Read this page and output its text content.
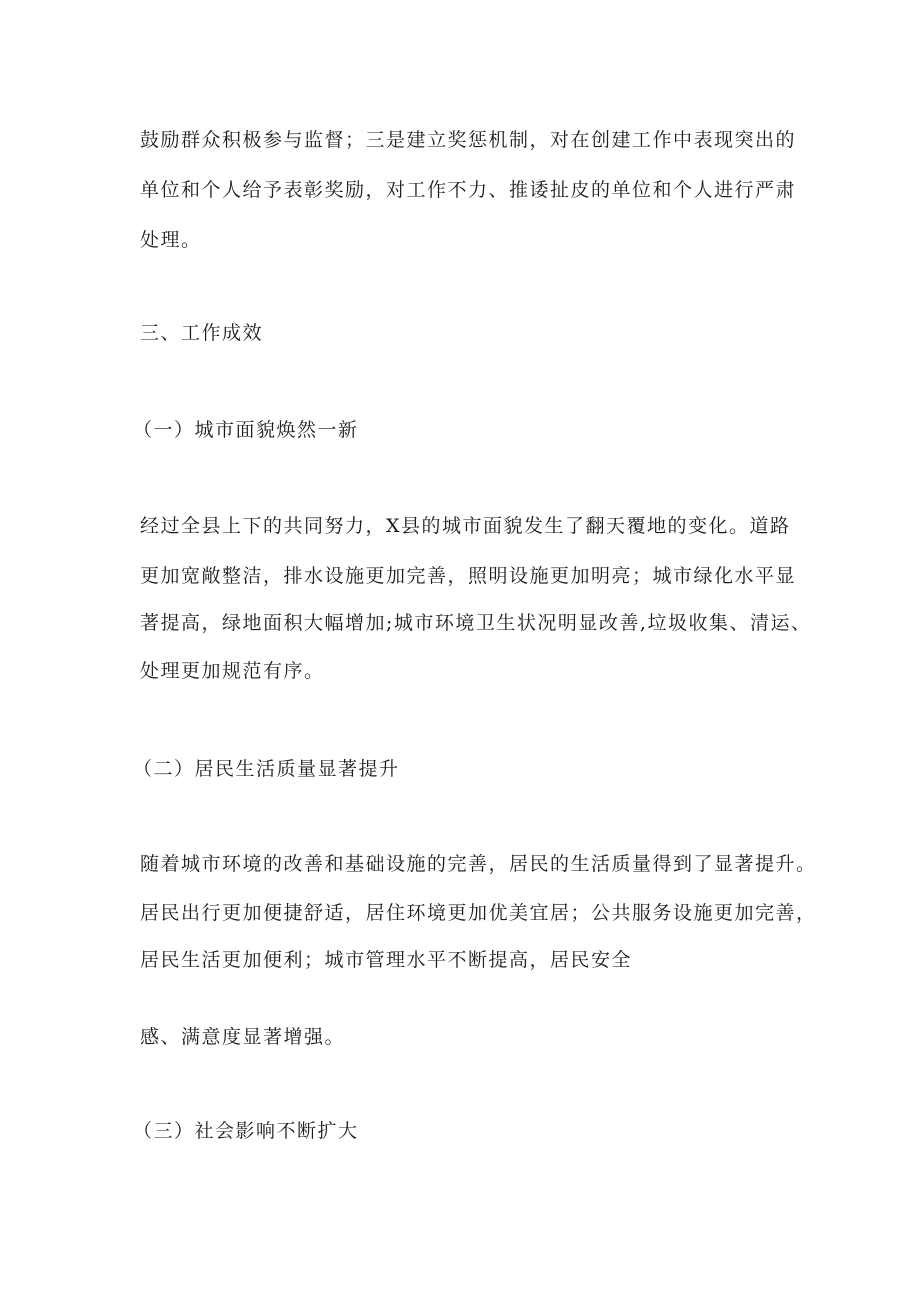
鼓励群众积极参与监督；三是建立奖惩机制，对在创建工作中表现突出的
单位和个人给予表彰奖励，对工作不力、推诿扯皮的单位和个人进行严肃
处理。
三、工作成效
（一）城市面貌焕然一新
经过全县上下的共同努力，X县的城市面貌发生了翻天覆地的变化。道路
更加宽敞整洁，排水设施更加完善，照明设施更加明亮；城市绿化水平显
著提高，绿地面积大幅增加;城市环境卫生状况明显改善,垃圾收集、清运、
处理更加规范有序。
（二）居民生活质量显著提升
随着城市环境的改善和基础设施的完善，居民的生活质量得到了显著提升。
居民出行更加便捷舒适，居住环境更加优美宜居；公共服务设施更加完善，
居民生活更加便利；城市管理水平不断提高，居民安全
感、满意度显著增强。
（三）社会影响不断扩大
